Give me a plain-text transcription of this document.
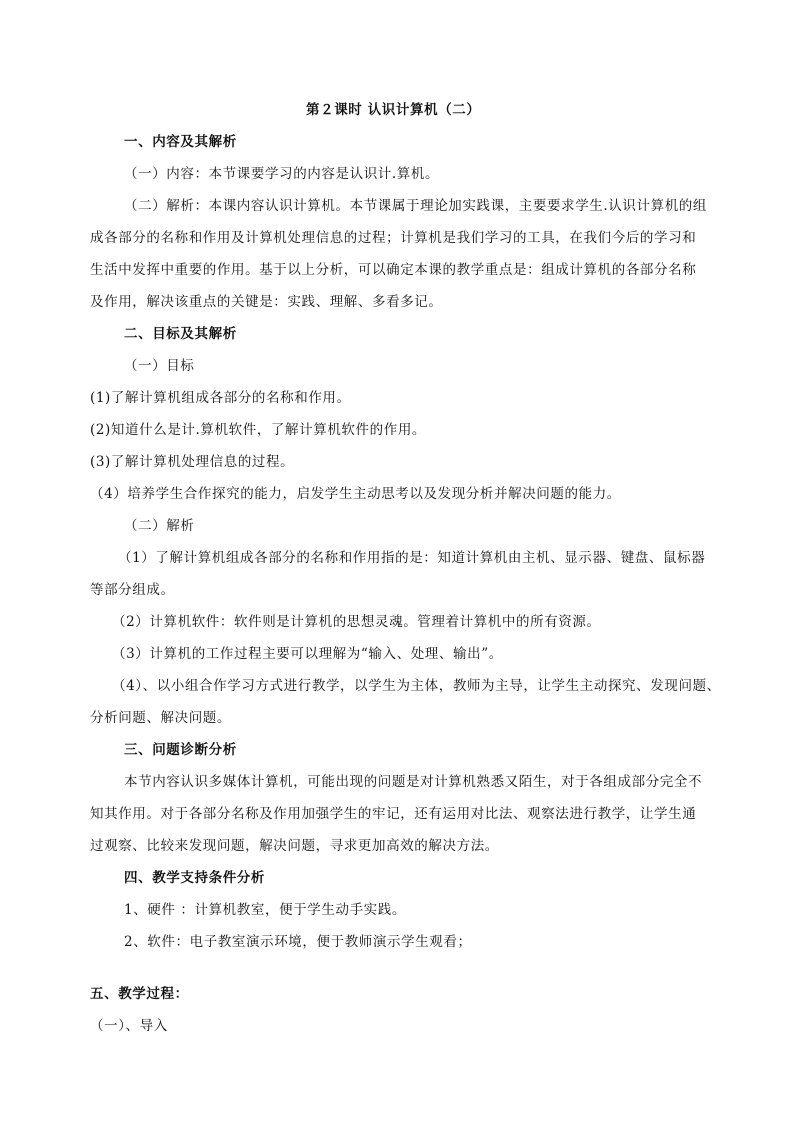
第２课时 认识计算机（二）
一、内容及其解析
（一）内容：本节课要学习的内容是认识计.算机。
（二）解析：本课内容认识计算机。本节课属于理论加实践课，主要要求学生.认识计算机的组
成各部分的名称和作用及计算机处理信息的过程；计算机是我们学习的工具，在我们今后的学习和
生活中发挥中重要的作用。基于以上分析，可以确定本课的教学重点是：组成计算机的各部分名称
及作用，解决该重点的关键是：实践、理解、多看多记。
二、目标及其解析
（一）目标
(1)了解计算机组成各部分的名称和作用。
(2)知道什么是计.算机软件，了解计算机软件的作用。
(3)了解计算机处理信息的过程。
（4）培养学生合作探究的能力，启发学生主动思考以及发现分析并解决问题的能力。
（二）解析
（1）了解计算机组成各部分的名称和作用指的是：知道计算机由主机、显示器、键盘、鼠标器
等部分组成。
（2）计算机软件：软件则是计算机的思想灵魂。管理着计算机中的所有资源。
（3）计算机的工作过程主要可以理解为“输入、处理、输出”。
（4）、以小组合作学习方式进行教学，以学生为主体，教师为主导，让学生主动探究、发现问题、
分析问题、解决问题。
三、问题诊断分析
本节内容认识多媒体计算机，可能出现的问题是对计算机熟悉又陌生，对于各组成部分完全不
知其作用。对于各部分名称及作用加强学生的牢记，还有运用对比法、观察法进行教学，让学生通
过观察、比较来发现问题，解决问题，寻求更加高效的解决方法。
四、教学支持条件分析
1、硬件 ：计算机教室，便于学生动手实践。
2、软件：电子教室演示环境，便于教师演示学生观看；
五、教学过程：
（一）、导入
